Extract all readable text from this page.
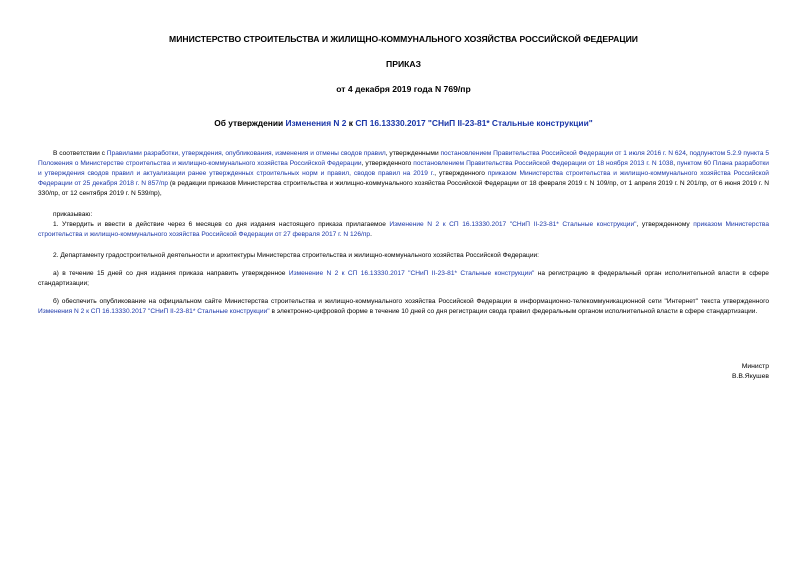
МИНИСТЕРСТВО СТРОИТЕЛЬСТВА И ЖИЛИЩНО-КОММУНАЛЬНОГО ХОЗЯЙСТВА РОССИЙСКОЙ ФЕДЕРАЦИИ

ПРИКАЗ

от 4 декабря 2019 года N 769/пр

Об утверждении Изменения N 2 к СП 16.13330.2017 "СНиП II-23-81* Стальные конструкции"

В соответствии с Правилами разработки, утверждения, опубликования, изменения и отмены сводов правил, утвержденными постановлением Правительства Российской Федерации от 1 июля 2016 г. N 624, подпунктом 5.2.9 пункта 5 Положения о Министерстве строительства и жилищно-коммунального хозяйства Российской Федерации, утвержденного постановлением Правительства Российской Федерации от 18 ноября 2013 г. N 1038, пунктом 60 Плана разработки и утверждения сводов правил и актуализации ранее утвержденных строительных норм и правил, сводов правил на 2019 г., утвержденного приказом Министерства строительства и жилищно-коммунального хозяйства Российской Федерации от 25 декабря 2018 г. N 857/пр (в редакции приказов Министерства строительства и жилищно-коммунального хозяйства Российской Федерации от 18 февраля 2019 г. N 109/пр, от 1 апреля 2019 г. N 201/пр, от 6 июня 2019 г. N 330/пр, от 12 сентября 2019 г. N 539/пр),

приказываю:

1. Утвердить и ввести в действие через 6 месяцев со дня издания настоящего приказа прилагаемое Изменение N 2 к СП 16.13330.2017 "СНиП II-23-81* Стальные конструкции", утвержденному приказом Министерства строительства и жилищно-коммунального хозяйства Российской Федерации от 27 февраля 2017 г. N 126/пр.

2. Департаменту градостроительной деятельности и архитектуры Министерства строительства и жилищно-коммунального хозяйства Российской Федерации:

а) в течение 15 дней со дня издания приказа направить утвержденное Изменение N 2 к СП 16.13330.2017 "СНиП II-23-81* Стальные конструкции" на регистрацию в федеральный орган исполнительной власти в сфере стандартизации;

б) обеспечить опубликование на официальном сайте Министерства строительства и жилищно-коммунального хозяйства Российской Федерации в информационно-телекоммуникационной сети "Интернет" текста утвержденного Изменения N 2 к СП 16.13330.2017 "СНиП II-23-81* Стальные конструкции" в электронно-цифровой форме в течение 10 дней со дня регистрации свода правил федеральным органом исполнительной власти в сфере стандартизации.

Министр
В.В.Якушев
